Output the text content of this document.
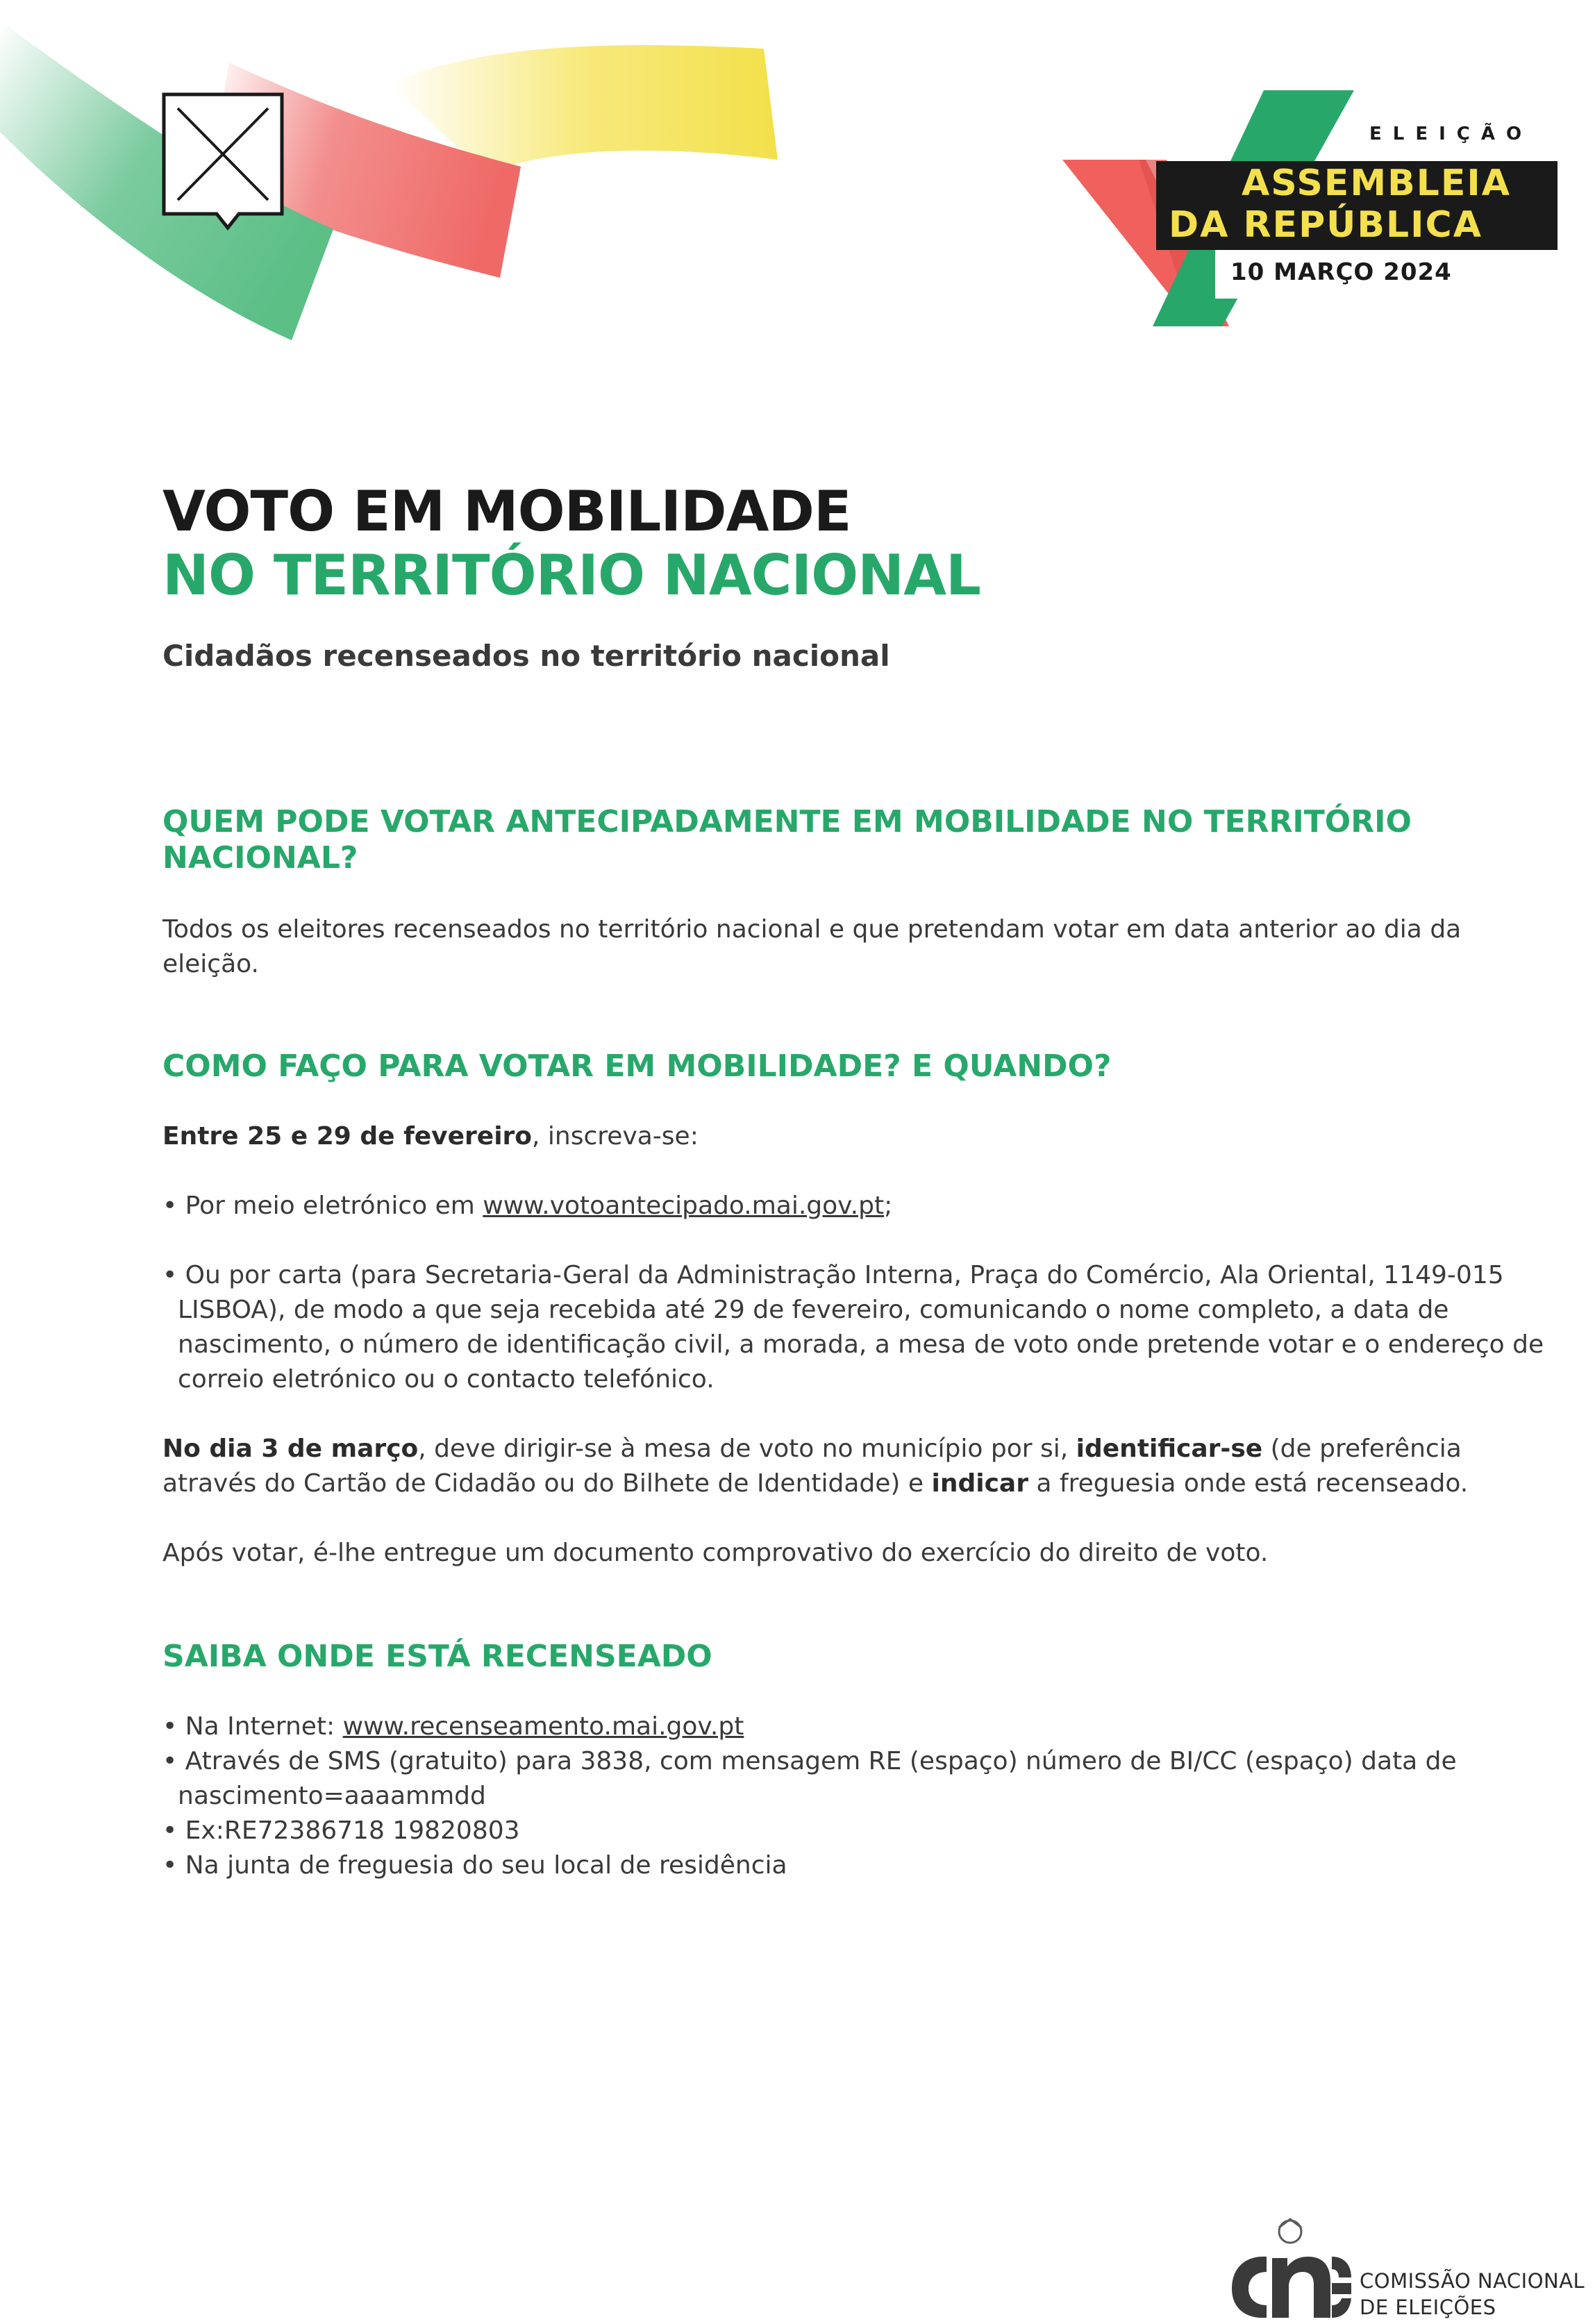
ELEIÇÃO
ASSEMBLEIA
DA REPÚBLICA
10 MARÇO 2024
VOTO EM MOBILIDADE
NO TERRITÓRIO NACIONAL
Cidadãos recenseados no território nacional
QUEM PODE VOTAR ANTECIPADAMENTE EM MOBILIDADE NO TERRITÓRIO
NACIONAL?
Todos os eleitores recenseados no território nacional e que pretendam votar em data anterior ao dia da eleição.
COMO FAÇO PARA VOTAR EM MOBILIDADE? E QUANDO?
Entre 25 e 29 de fevereiro, inscreva-se:
• Por meio eletrónico em www.votoantecipado.mai.gov.pt;
• Ou por carta (para Secretaria-Geral da Administração Interna, Praça do Comércio, Ala Oriental, 1149-015 LISBOA), de modo a que seja recebida até 29 de fevereiro, comunicando o nome completo, a data de nascimento, o número de identificação civil, a morada, a mesa de voto onde pretende votar e o endereço de correio eletrónico ou o contacto telefónico.
No dia 3 de março, deve dirigir-se à mesa de voto no município por si, identificar-se (de preferência através do Cartão de Cidadão ou do Bilhete de Identidade) e indicar a freguesia onde está recenseado.
Após votar, é-lhe entregue um documento comprovativo do exercício do direito de voto.
SAIBA ONDE ESTÁ RECENSEADO
• Na Internet: www.recenseamento.mai.gov.pt
• Através de SMS (gratuito) para 3838, com mensagem RE (espaço) número de BI/CC (espaço) data de nascimento=aaaammdd
• Ex:RE72386718 19820803
• Na junta de freguesia do seu local de residência
COMISSÃO NACIONAL
DE ELEIÇÕES
